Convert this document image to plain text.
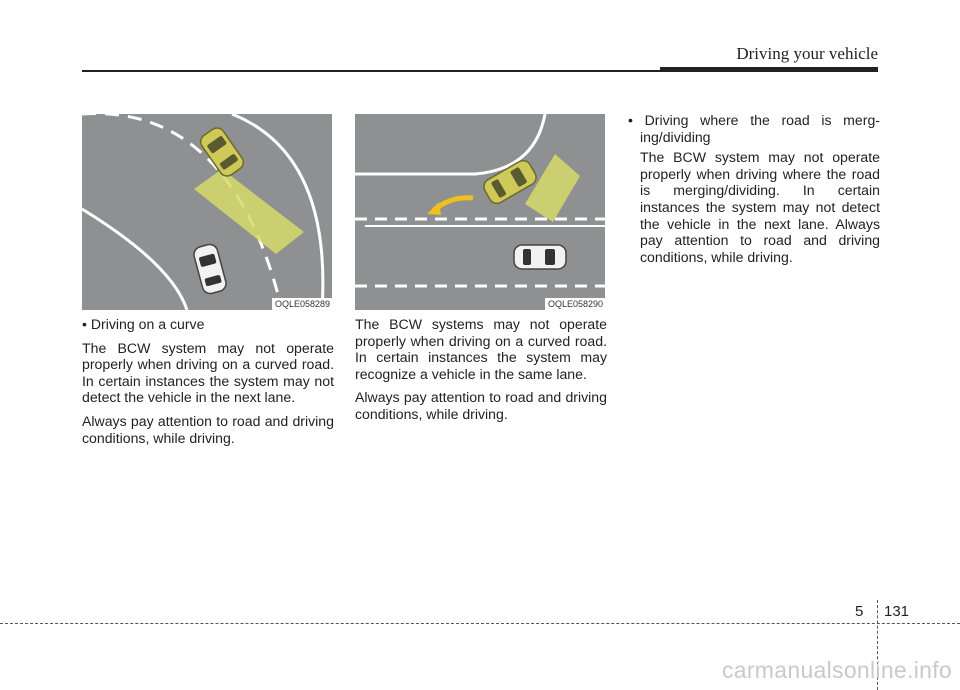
Driving your vehicle
OQLE058289	OQLE058290
• Driving on a curve

The BCW system may not operate properly when driving on a curved road. In certain instances the system may not detect the vehicle in the next lane.

Always pay attention to road and driving conditions, while driving.

The BCW systems may not operate properly when driving on a curved road. In certain instances the system may recognize a vehicle in the same lane.

Always pay attention to road and driving conditions, while driving.

• Driving where the road is merg-
ing/dividing

The BCW system may not operate properly when driving where the road is merging/dividing. In certain instances the system may not detect the vehicle in the next lane. Always pay attention to road and driving conditions, while driving.

5 131
carmanualsonline.info
